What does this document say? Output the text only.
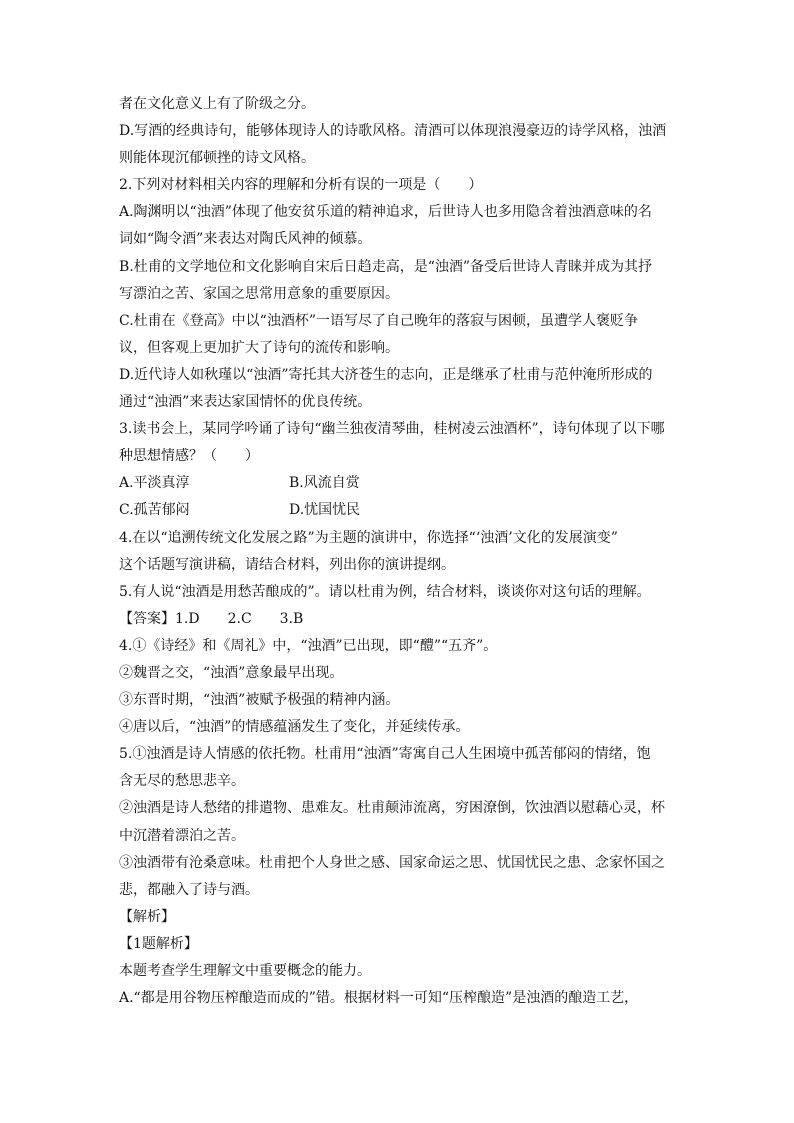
者在文化意义上有了阶级之分。
D.写酒的经典诗句，能够体现诗人的诗歌风格。清酒可以体现浪漫豪迈的诗学风格，浊酒
则能体现沉郁顿挫的诗文风格。
2.下列对材料相关内容的理解和分析有误的一项是（　　）
A.陶渊明以“浊酒”体现了他安贫乐道的精神追求，后世诗人也多用隐含着浊酒意味的名
词如“陶令酒”来表达对陶氏风神的倾慕。
B.杜甫的文学地位和文化影响自宋后日趋走高，是“浊酒”备受后世诗人青睐并成为其抒
写漂泊之苦、家国之思常用意象的重要原因。
C.杜甫在《登高》中以“浊酒杯”一语写尽了自己晚年的落寂与困顿，虽遭学人褒贬争
议，但客观上更加扩大了诗句的流传和影响。
D.近代诗人如秋瑾以“浊酒”寄托其大济苍生的志向，正是继承了杜甫与范仲淹所形成的
通过“浊酒”来表达家国情怀的优良传统。
3.读书会上，某同学吟诵了诗句“幽兰独夜清琴曲，桂树凌云浊酒杯”，诗句体现了以下哪
种思想情感？（　　）
A.平淡真淳	B.风流自赏
C.孤苦郁闷	D.忧国忧民
4.在以“追溯传统文化发展之路”为主题的演讲中，你选择“‘浊酒’文化的发展演变”
这个话题写演讲稿，请结合材料，列出你的演讲提纲。
5.有人说“浊酒是用愁苦酿成的”。请以杜甫为例，结合材料，谈谈你对这句话的理解。
【答案】1.D　　2.C　　3.B
4.①《诗经》和《周礼》中，“浊酒”已出现，即“醴”“五齐”。
②魏晋之交，“浊酒”意象最早出现。
③东晋时期，“浊酒”被赋予极强的精神内涵。
④唐以后，“浊酒”的情感蕴涵发生了变化，并延续传承。
5.①浊酒是诗人情感的依托物。杜甫用“浊酒”寄寓自己人生困境中孤苦郁闷的情绪，饱
含无尽的愁思悲辛。
②浊酒是诗人愁绪的排遣物、患难友。杜甫颠沛流离，穷困潦倒，饮浊酒以慰藉心灵，杯
中沉潜着漂泊之苦。
③浊酒带有沧桑意味。杜甫把个人身世之感、国家命运之思、忧国忧民之患、念家怀国之
悲，都融入了诗与酒。
【解析】
【1题解析】
本题考查学生理解文中重要概念的能力。
A.“都是用谷物压榨酿造而成的”错。根据材料一可知“压榨酿造”是浊酒的酿造工艺，
